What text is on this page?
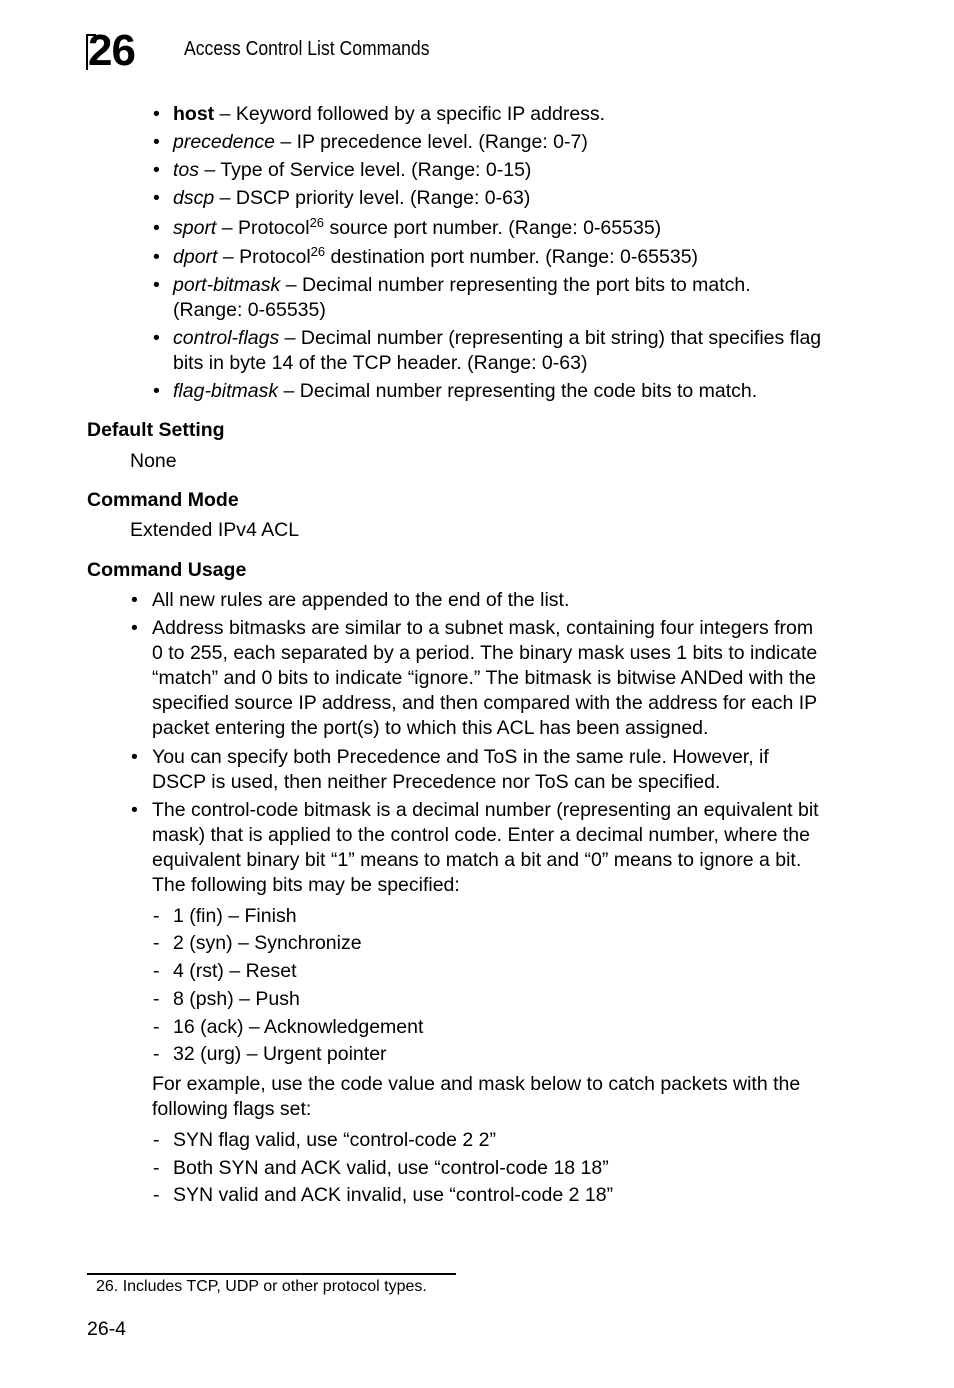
26	Access Control List Commands
• host – Keyword followed by a specific IP address.
• precedence – IP precedence level. (Range: 0-7)
• tos – Type of Service level. (Range: 0-15)
• dscp – DSCP priority level. (Range: 0-63)
• sport – Protocol$^{26}$ source port number. (Range: 0-65535)
• dport – Protocol$^{26}$ destination port number. (Range: 0-65535)
• port-bitmask – Decimal number representing the port bits to match.
(Range: 0-65535)
• control-flags – Decimal number (representing a bit string) that specifies flag
bits in byte 14 of the TCP header. (Range: 0-63)
• flag-bitmask – Decimal number representing the code bits to match.
Default Setting
None
Command Mode
Extended IPv4 ACL
Command Usage
• All new rules are appended to the end of the list.
• Address bitmasks are similar to a subnet mask, containing four integers from
0 to 255, each separated by a period. The binary mask uses 1 bits to indicate
“match” and 0 bits to indicate “ignore.” The bitmask is bitwise ANDed with the
specified source IP address, and then compared with the address for each IP
packet entering the port(s) to which this ACL has been assigned.
• You can specify both Precedence and ToS in the same rule. However, if
DSCP is used, then neither Precedence nor ToS can be specified.
• The control-code bitmask is a decimal number (representing an equivalent bit
mask) that is applied to the control code. Enter a decimal number, where the
equivalent binary bit “1” means to match a bit and “0” means to ignore a bit.
The following bits may be specified:
- 1 (fin) – Finish
- 2 (syn) – Synchronize
- 4 (rst) – Reset
- 8 (psh) – Push
- 16 (ack) – Acknowledgement
- 32 (urg) – Urgent pointer
For example, use the code value and mask below to catch packets with the
following flags set:
- SYN flag valid, use “control-code 2 2”
- Both SYN and ACK valid, use “control-code 18 18”
- SYN valid and ACK invalid, use “control-code 2 18”
26. Includes TCP, UDP or other protocol types.
26-4
